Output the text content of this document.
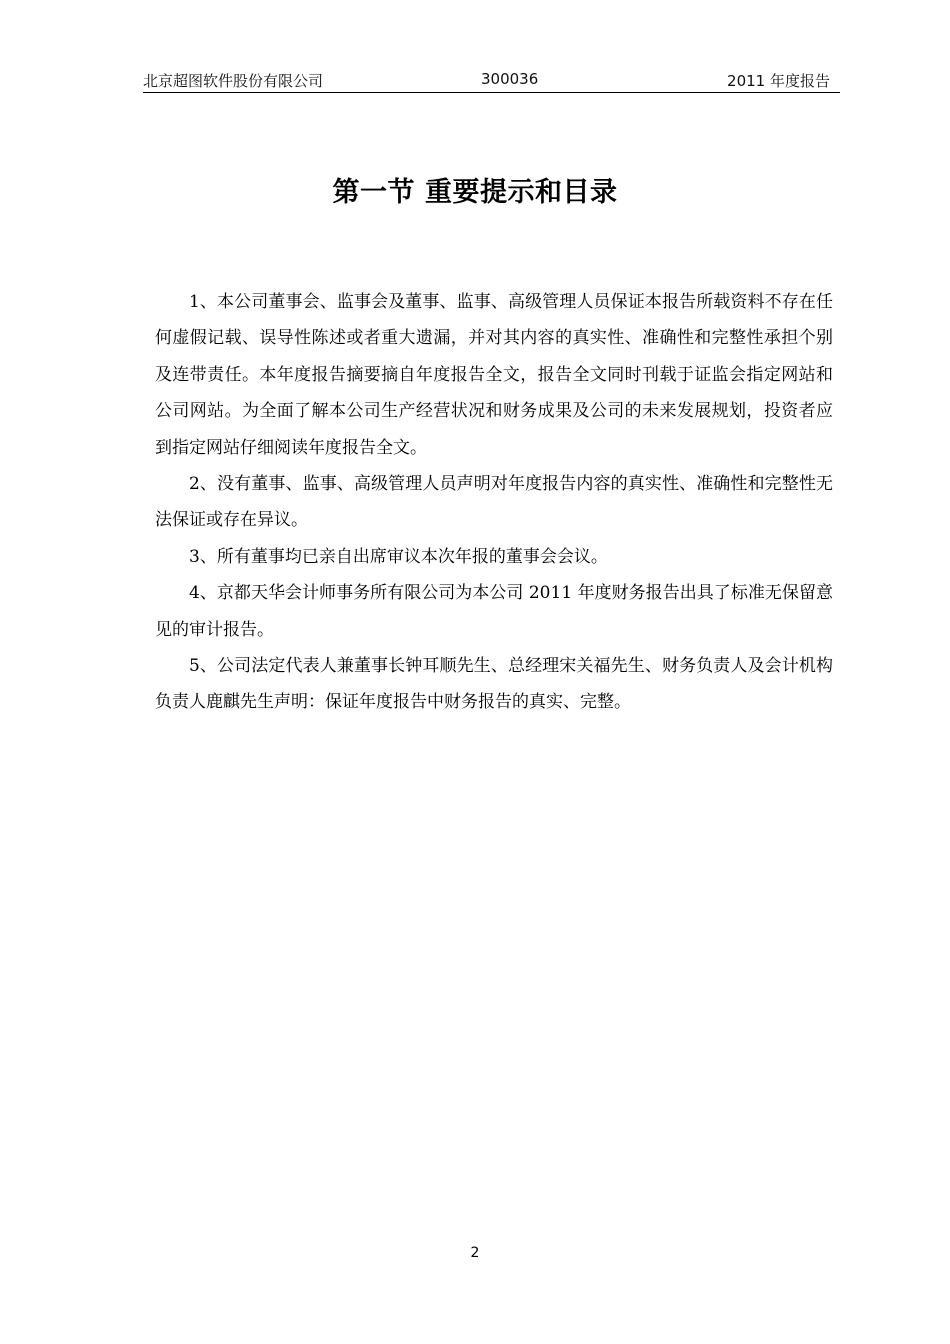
北京超图软件股份有限公司	300036	2011 年度报告
第一节 重要提示和目录

1、本公司董事会、监事会及董事、监事、高级管理人员保证本报告所载资料不存在任何虚假记载、误导性陈述或者重大遗漏，并对其内容的真实性、准确性和完整性承担个别及连带责任。本年度报告摘要摘自年度报告全文，报告全文同时刊载于证监会指定网站和公司网站。为全面了解本公司生产经营状况和财务成果及公司的未来发展规划，投资者应到指定网站仔细阅读年度报告全文。

2、没有董事、监事、高级管理人员声明对年度报告内容的真实性、准确性和完整性无法保证或存在异议。

3、所有董事均已亲自出席审议本次年报的董事会会议。

4、京都天华会计师事务所有限公司为本公司 2011 年度财务报告出具了标准无保留意见的审计报告。

5、公司法定代表人兼董事长钟耳顺先生、总经理宋关福先生、财务负责人及会计机构负责人鹿麒先生声明：保证年度报告中财务报告的真实、完整。

2
